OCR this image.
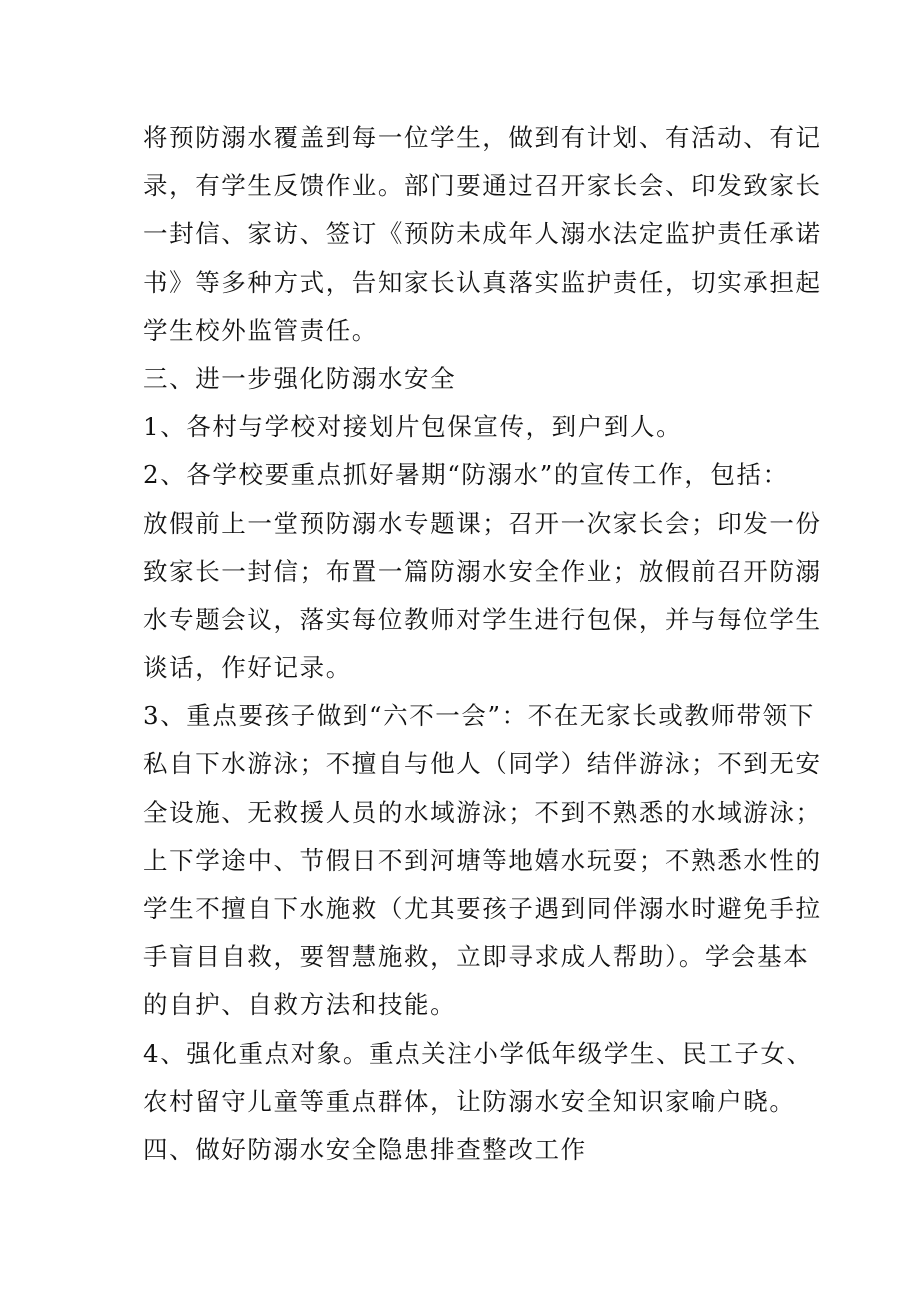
将预防溺水覆盖到每一位学生，做到有计划、有活动、有记
录，有学生反馈作业。部门要通过召开家长会、印发致家长
一封信、家访、签订《预防未成年人溺水法定监护责任承诺
书》等多种方式，告知家长认真落实监护责任，切实承担起
学生校外监管责任。
三、进一步强化防溺水安全
1、各村与学校对接划片包保宣传，到户到人。
2、各学校要重点抓好暑期“防溺水”的宣传工作，包括：
放假前上一堂预防溺水专题课；召开一次家长会；印发一份
致家长一封信；布置一篇防溺水安全作业；放假前召开防溺
水专题会议，落实每位教师对学生进行包保，并与每位学生
谈话，作好记录。
3、重点要孩子做到“六不一会”：不在无家长或教师带领下
私自下水游泳；不擅自与他人（同学）结伴游泳；不到无安
全设施、无救援人员的水域游泳；不到不熟悉的水域游泳；
上下学途中、节假日不到河塘等地嬉水玩耍；不熟悉水性的
学生不擅自下水施救（尤其要孩子遇到同伴溺水时避免手拉
手盲目自救，要智慧施救，立即寻求成人帮助）。学会基本
的自护、自救方法和技能。
4、强化重点对象。重点关注小学低年级学生、民工子女、
农村留守儿童等重点群体，让防溺水安全知识家喻户晓。
四、做好防溺水安全隐患排查整改工作
